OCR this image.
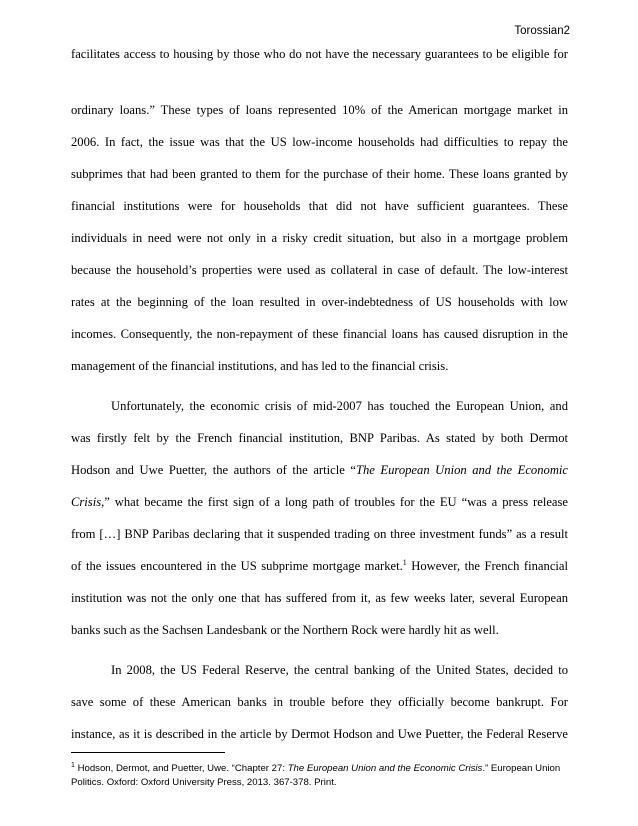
Torossian2
facilitates access to housing by those who do not have the necessary guarantees to be eligible for
ordinary loans.” These types of loans represented 10% of the American mortgage market in
2006. In fact, the issue was that the US low-income households had difficulties to repay the
subprimes that had been granted to them for the purchase of their home. These loans granted by
financial institutions were for households that did not have sufficient guarantees. These
individuals in need were not only in a risky credit situation, but also in a mortgage problem
because the household’s properties were used as collateral in case of default. The low-interest
rates at the beginning of the loan resulted in over-indebtedness of US households with low
incomes. Consequently, the non-repayment of these financial loans has caused disruption in the
management of the financial institutions, and has led to the financial crisis.
Unfortunately, the economic crisis of mid-2007 has touched the European Union, and
was firstly felt by the French financial institution, BNP Paribas. As stated by both Dermot
Hodson and Uwe Puetter, the authors of the article “The European Union and the Economic
Crisis,” what became the first sign of a long path of troubles for the EU “was a press release
from […] BNP Paribas declaring that it suspended trading on three investment funds” as a result
of the issues encountered in the US subprime mortgage market.$^1$ However, the French financial
institution was not the only one that has suffered from it, as few weeks later, several European
banks such as the Sachsen Landesbank or the Northern Rock were hardly hit as well.
In 2008, the US Federal Reserve, the central banking of the United States, decided to
save some of these American banks in trouble before they officially become bankrupt. For
instance, as it is described in the article by Dermot Hodson and Uwe Puetter, the Federal Reserve
$^1$ Hodson, Dermot, and Puetter, Uwe. “Chapter 27: The European Union and the Economic Crisis.” European Union
Politics. Oxford: Oxford University Press, 2013. 367-378. Print.
